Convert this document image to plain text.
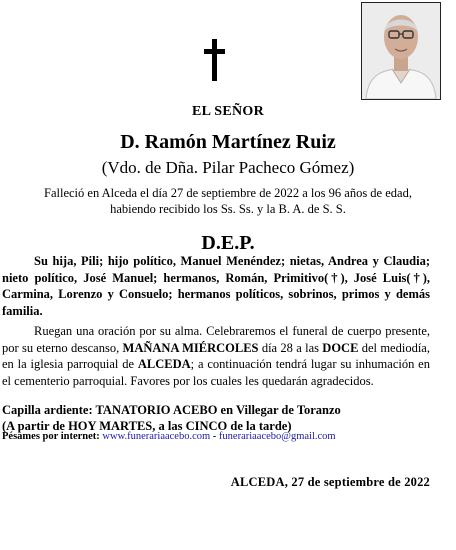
EL SEÑOR
D. Ramón Martínez Ruiz
(Vdo. de Dña. Pilar Pacheco Gómez)
Falleció en Alceda el día 27 de septiembre de 2022 a los 96 años de edad,
habiendo recibido los Ss. Ss. y la B. A. de S. S.
D.E.P.
Su hija, Pili; hijo político, Manuel Menéndez; nietas, Andrea y Claudia; nieto político, José Manuel; hermanos, Román, Primitivo(†), José Luis(†), Carmina, Lorenzo y Consuelo; hermanos políticos, sobrinos, primos y demás familia.
Ruegan una oración por su alma. Celebraremos el funeral de cuerpo presente, por su eterno descanso, MAÑANA MIÉRCOLES día 28 a las DOCE del mediodía, en la iglesia parroquial de ALCEDA; a continuación tendrá lugar su inhumación en el cementerio parroquial. Favores por los cuales les quedarán agradecidos.
Capilla ardiente: TANATORIO ACEBO en Villegar de Toranzo
(A partir de HOY MARTES, a las CINCO de la tarde)
Pésames por internet: www.funerariaacebo.com - funerariaacebo@gmail.com
ALCEDA, 27 de septiembre de 2022
